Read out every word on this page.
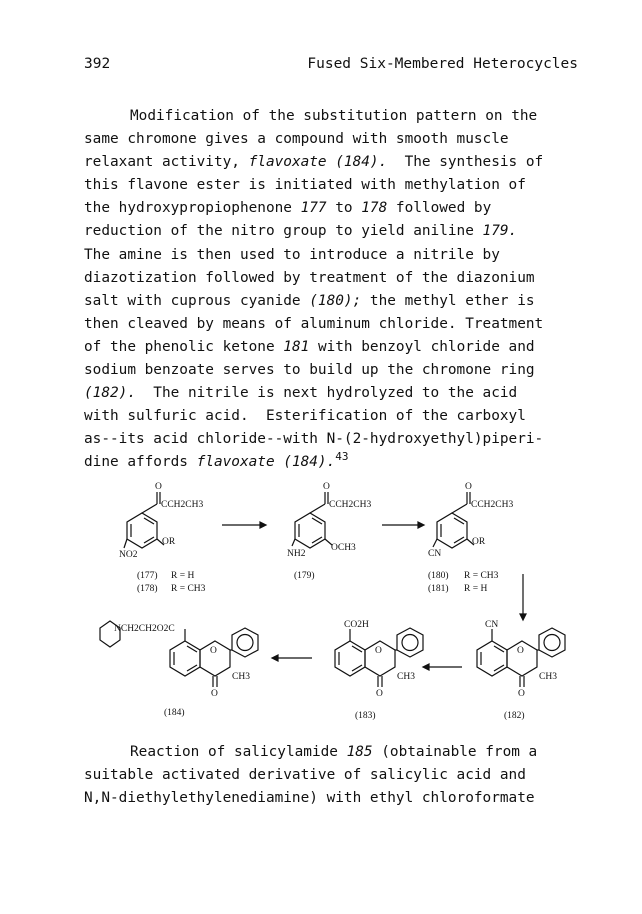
392	Fused Six-Membered Heterocycles
Modification of the substitution pattern on the
same chromone gives a compound with smooth muscle
relaxant activity, flavoxate (184).  The synthesis of
this flavone ester is initiated with methylation of
the hydroxypropiophenone 177 to 178 followed by
reduction of the nitro group to yield aniline 179.
The amine is then used to introduce a nitrile by
diazotization followed by treatment of the diazonium
salt with cuprous cyanide (180); the methyl ether is
then cleaved by means of aluminum chloride. Treatment
of the phenolic ketone 181 with benzoyl chloride and
sodium benzoate serves to build up the chromone ring
(182).  The nitrile is next hydrolyzed to the acid
with sulfuric acid.  Esterification of the carboxyl
as--its acid chloride--with N-(2-hydroxyethyl)piperi-
dine affords flavoxate (184).$^{43}$
O
CCH2CH3
OR
NO2
(177) R = H
(178) R = CH3
O
CCH2CH3
OCH3
NH2
(179)
O
CCH2CH3
OR
CN
(180) R = CH3
(181) R = H
NCH2CH2O2C
O
O
CH3
(184)
CO2H
O
O
CH3
(183)
CN
O
O
CH3
(182)
Reaction of salicylamide 185 (obtainable from a
suitable activated derivative of salicylic acid and
N,N-diethylethylenediamine) with ethyl chloroformate
